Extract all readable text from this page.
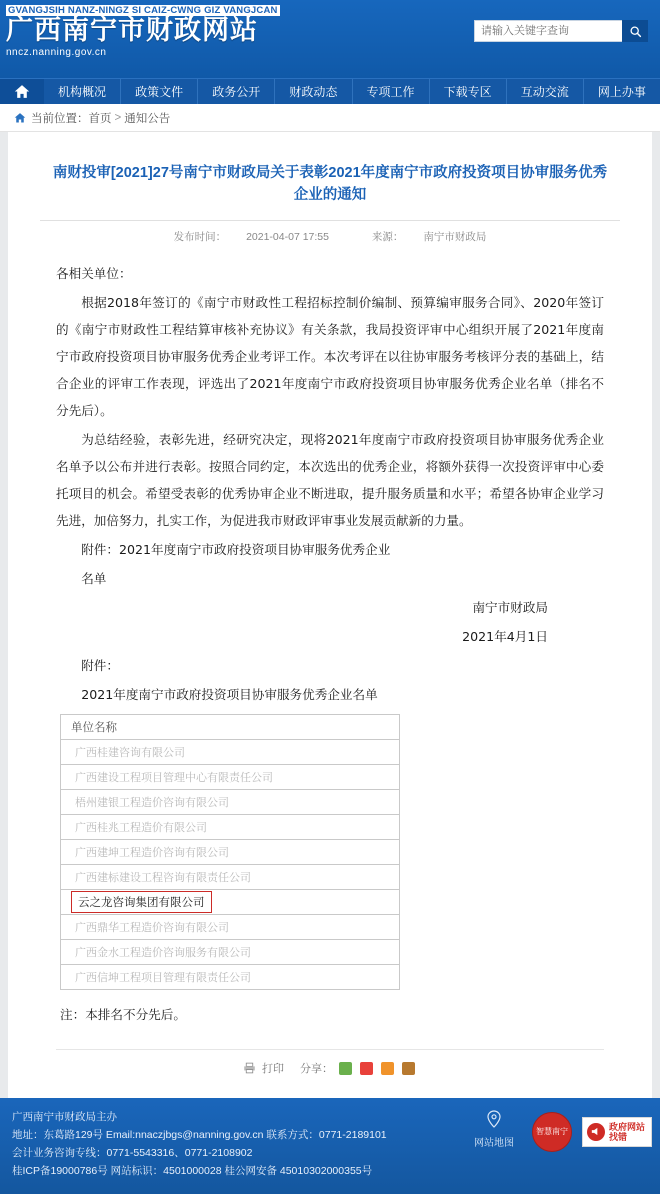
GVANGJSIH NANZ-NINGZ SI CAIZ-CWNG GIZ VANGJCAN
广西南宁市财政网站
nncz.nanning.gov.cn
请输入关键字查询
机构概况	政策文件	政务公开	财政动态	专项工作	下载专区	互动交流	网上办事
当前位置： 首页 > 通知公告
南财投审[2021]27号南宁市财政局关于表彰2021年度南宁市政府投资项目协审服务优秀企业的通知
发布时间： 2021-04-07 17:55	来源： 南宁市财政局

各相关单位：

根据2018年签订的《南宁市财政性工程招标控制价编制、预算编审服务合同》、2020年签订的《南宁市财政性工程结算审核补充协议》有关条款，我局投资评审中心组织开展了2021年度南宁市政府投资项目协审服务优秀企业考评工作。本次考评在以往协审服务考核评分表的基础上，结合企业的评审工作表现，评选出了2021年度南宁市政府投资项目协审服务优秀企业名单（排名不分先后）。

为总结经验，表彰先进，经研究决定，现将2021年度南宁市政府投资项目协审服务优秀企业名单予以公布并进行表彰。按照合同约定，本次选出的优秀企业，将额外获得一次投资评审中心委托项目的机会。希望受表彰的优秀协审企业不断进取，提升服务质量和水平；希望各协审企业学习先进，加倍努力，扎实工作，为促进我市财政评审事业发展贡献新的力量。

附件：2021年度南宁市政府投资项目协审服务优秀企业

名单

南宁市财政局

2021年4月1日

附件：

2021年度南宁市政府投资项目协审服务优秀企业名单

单位名称
广西桂建咨询有限公司
广西建设工程项目管理中心有限责任公司
梧州建银工程造价咨询有限公司
广西桂兆工程造价有限公司
广西建坤工程造价咨询有限公司
广西建标建设工程咨询有限责任公司
云之龙咨询集团有限公司
广西鼎华工程造价咨询有限公司
广西金水工程造价咨询服务有限公司
广西信坤工程项目管理有限责任公司
注：本排名不分先后。
打印 分享：
广西南宁市财政局主办
地址：东葛路129号 Email:nnaczjbgs@nanning.gov.cn 联系方式：0771-2189101
会计业务咨询专线：0771-5543316、0771-2108902
桂ICP备19000786号 网站标识：4501000028 桂公网安备 45010302000355号
网站地图
智慧南宁	政府网站
找错
